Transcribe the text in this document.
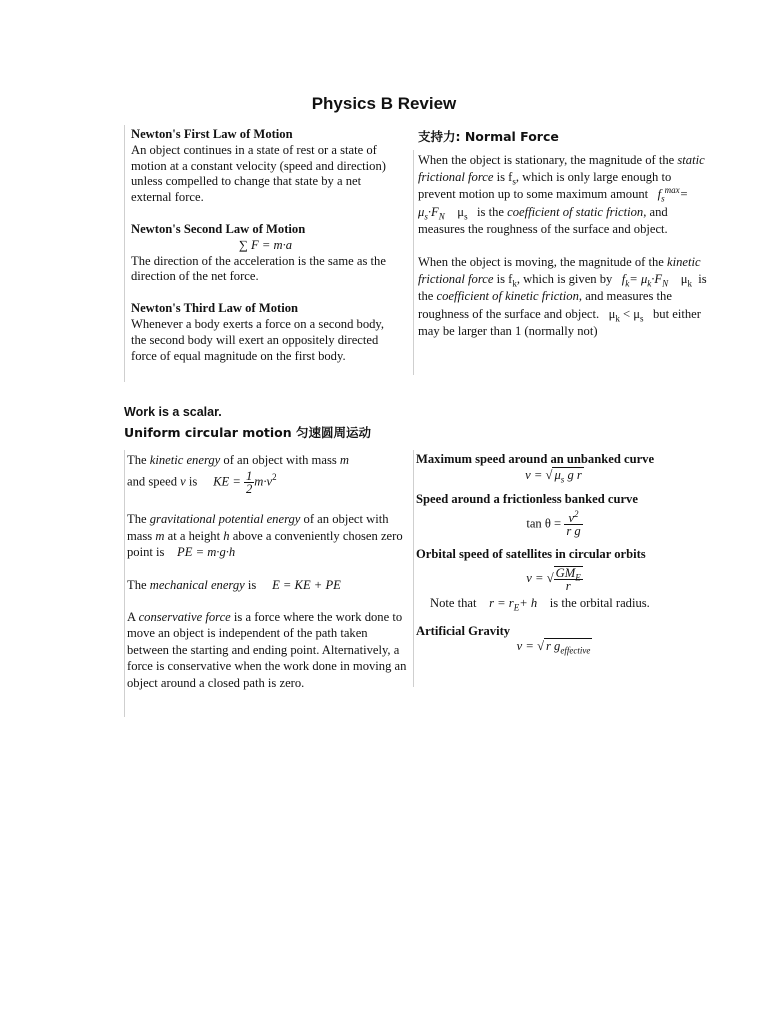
Physics B Review

Newton's First Law of Motion

An object continues in a state of rest or a state of motion at a constant velocity (speed and direction) unless compelled to change that state by a net external force.

Newton's Second Law of Motion

∑ F = m·a

The direction of the acceleration is the same as the direction of the net force.

Newton's Third Law of Motion

Whenever a body exerts a force on a second body, the second body will exert an oppositely directed force of equal magnitude on the first body.

支持力: Normal Force

When the object is stationary, the magnitude of the static frictional force is $f_s$, which is only large enough to prevent motion up to some maximum amount $f_s^{max}= \mu_s\cdot F_N$ $\mu_s$ is the coefficient of static friction, and measures the roughness of the surface and object.

When the object is moving, the magnitude of the kinetic frictional force is $f_k$, which is given by $f_k= \mu_k\cdot F_N$ $\mu_k$ is the coefficient of kinetic friction, and measures the roughness of the surface and object. $\mu_k < \mu_s$ but either may be larger than 1 (normally not)

Work is a scalar.
Uniform circular motion 匀速圆周运动

The kinetic energy of an object with mass m

and speed v is KE = $\frac{1}{2} m\cdot v^2$

The gravitational potential energy of an object with mass m at a height h above a conveniently chosen zero point is PE = m·g·h

The mechanical energy is E = KE + PE

A conservative force is a force where the work done to move an object is independent of the path taken between the starting and ending point. Alternatively, a force is conservative when the work done in moving an object around a closed path is zero.

Maximum speed around an unbanked curve

v = √ $\mu_s$ g r

Speed around a frictionless banked curve

$\tan \theta = \frac{v^2}{\text{r g}}$

Orbital speed of satellites in circular orbits

v = √ $\frac{GM_E}{r}$

Note that $r = r_E+ h$ is the orbital radius.

Artificial Gravity

v = √ r $g_{effective}$
